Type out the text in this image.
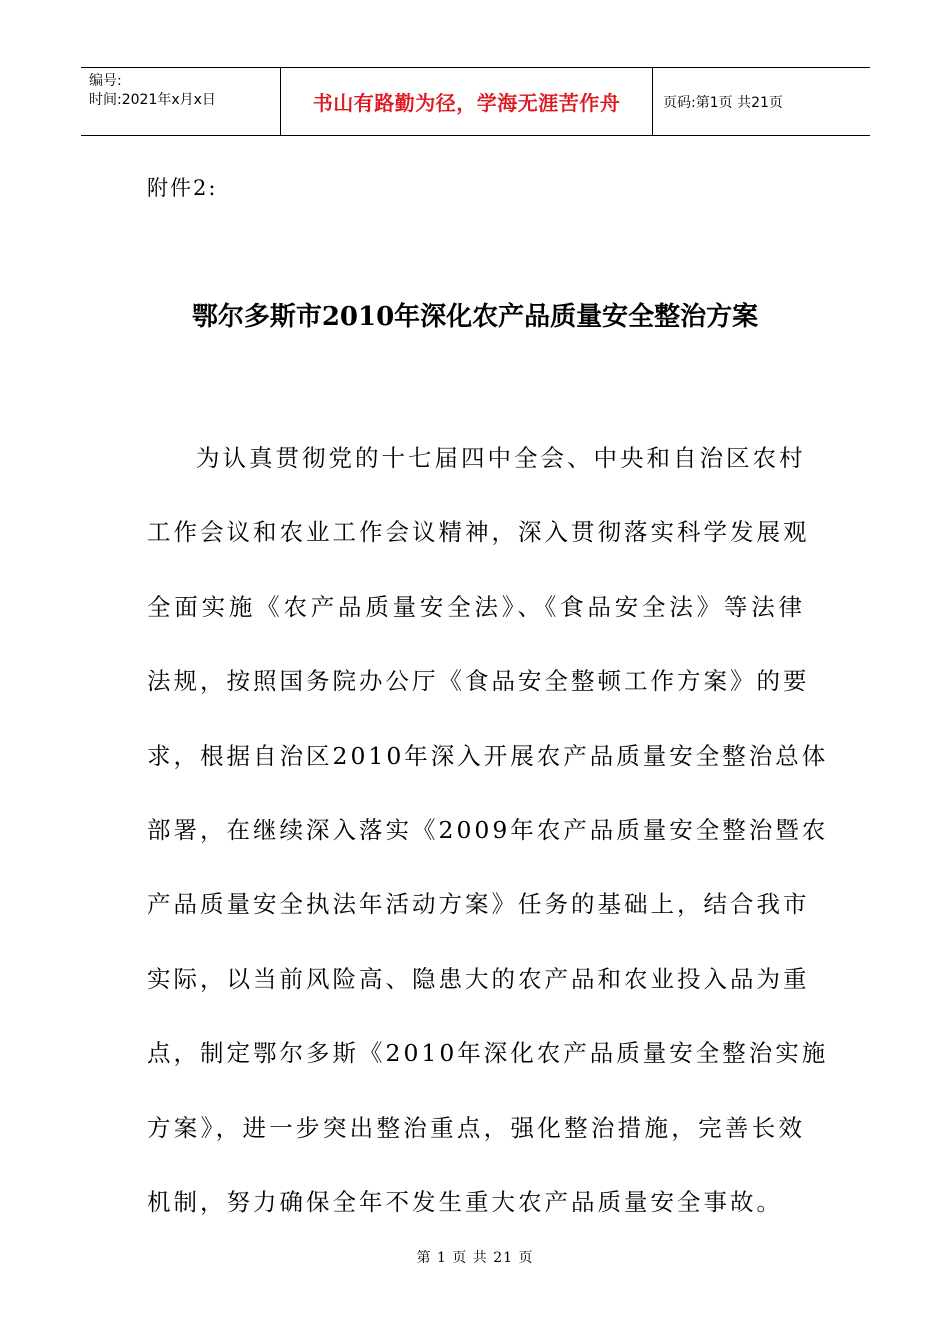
编号:
时间:2021年x月x日	书山有路勤为径，学海无涯苦作舟	页码:第1页 共21页
附件2:
鄂尔多斯市2010年深化农产品质量安全整治方案
为认真贯彻党的十七届四中全会、中央和自治区农村
工作会议和农业工作会议精神，深入贯彻落实科学发展观
全面实施《农产品质量安全法》、《食品安全法》等法律
法规，按照国务院办公厅《食品安全整顿工作方案》的要
求，根据自治区2010年深入开展农产品质量安全整治总体
部署，在继续深入落实《2009年农产品质量安全整治暨农
产品质量安全执法年活动方案》任务的基础上，结合我市
实际，以当前风险高、隐患大的农产品和农业投入品为重
点，制定鄂尔多斯《2010年深化农产品质量安全整治实施
方案》，进一步突出整治重点，强化整治措施，完善长效
机制，努力确保全年不发生重大农产品质量安全事故。
第 1 页 共 21 页
